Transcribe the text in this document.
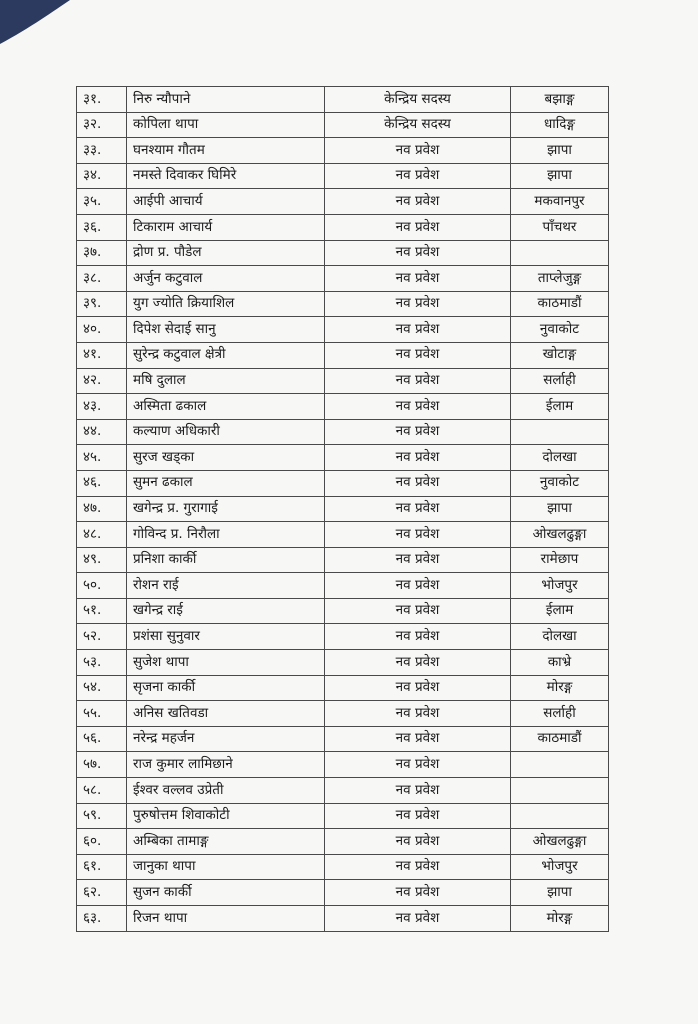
३१.	निरु न्यौपाने	केन्द्रिय सदस्य	बझाङ्ग
३२.	कोपिला थापा	केन्द्रिय सदस्य	धादिङ्ग
३३.	घनश्याम गौतम	नव प्रवेश	झापा
३४.	नमस्ते दिवाकर घिमिरे	नव प्रवेश	झापा
३५.	आईपी आचार्य	नव प्रवेश	मकवानपुर
३६.	टिकाराम आचार्य	नव प्रवेश	पाँचथर
३७.	द्रोण प्र. पौडेल	नव प्रवेश	
३८.	अर्जुन कटुवाल	नव प्रवेश	ताप्लेजुङ्ग
३९.	युग ज्योति क्रियाशिल	नव प्रवेश	काठमाडौं
४०.	दिपेश सेदाई सानु	नव प्रवेश	नुवाकोट
४१.	सुरेन्द्र कटुवाल क्षेत्री	नव प्रवेश	खोटाङ्ग
४२.	मषि दुलाल	नव प्रवेश	सर्लाही
४३.	अस्मिता ढकाल	नव प्रवेश	ईलाम
४४.	कल्याण अधिकारी	नव प्रवेश	
४५.	सुरज खड्का	नव प्रवेश	दोलखा
४६.	सुमन ढकाल	नव प्रवेश	नुवाकोट
४७.	खगेन्द्र प्र. गुरागाई	नव प्रवेश	झापा
४८.	गोविन्द प्र. निरौला	नव प्रवेश	ओखलढुङ्गा
४९.	प्रनिशा कार्की	नव प्रवेश	रामेछाप
५०.	रोशन राई	नव प्रवेश	भोजपुर
५१.	खगेन्द्र राई	नव प्रवेश	ईलाम
५२.	प्रशंसा सुनुवार	नव प्रवेश	दोलखा
५३.	सुजेश थापा	नव प्रवेश	काभ्रे
५४.	सृजना कार्की	नव प्रवेश	मोरङ्ग
५५.	अनिस खतिवडा	नव प्रवेश	सर्लाही
५६.	नरेन्द्र महर्जन	नव प्रवेश	काठमाडौं
५७.	राज कुमार लामिछाने	नव प्रवेश	
५८.	ईश्वर वल्लव उप्रेती	नव प्रवेश	
५९.	पुरुषोत्तम शिवाकोटी	नव प्रवेश	
६०.	अम्बिका तामाङ्ग	नव प्रवेश	ओखलढुङ्गा
६१.	जानुका थापा	नव प्रवेश	भोजपुर
६२.	सुजन कार्की	नव प्रवेश	झापा
६३.	रिजन थापा	नव प्रवेश	मोरङ्ग
